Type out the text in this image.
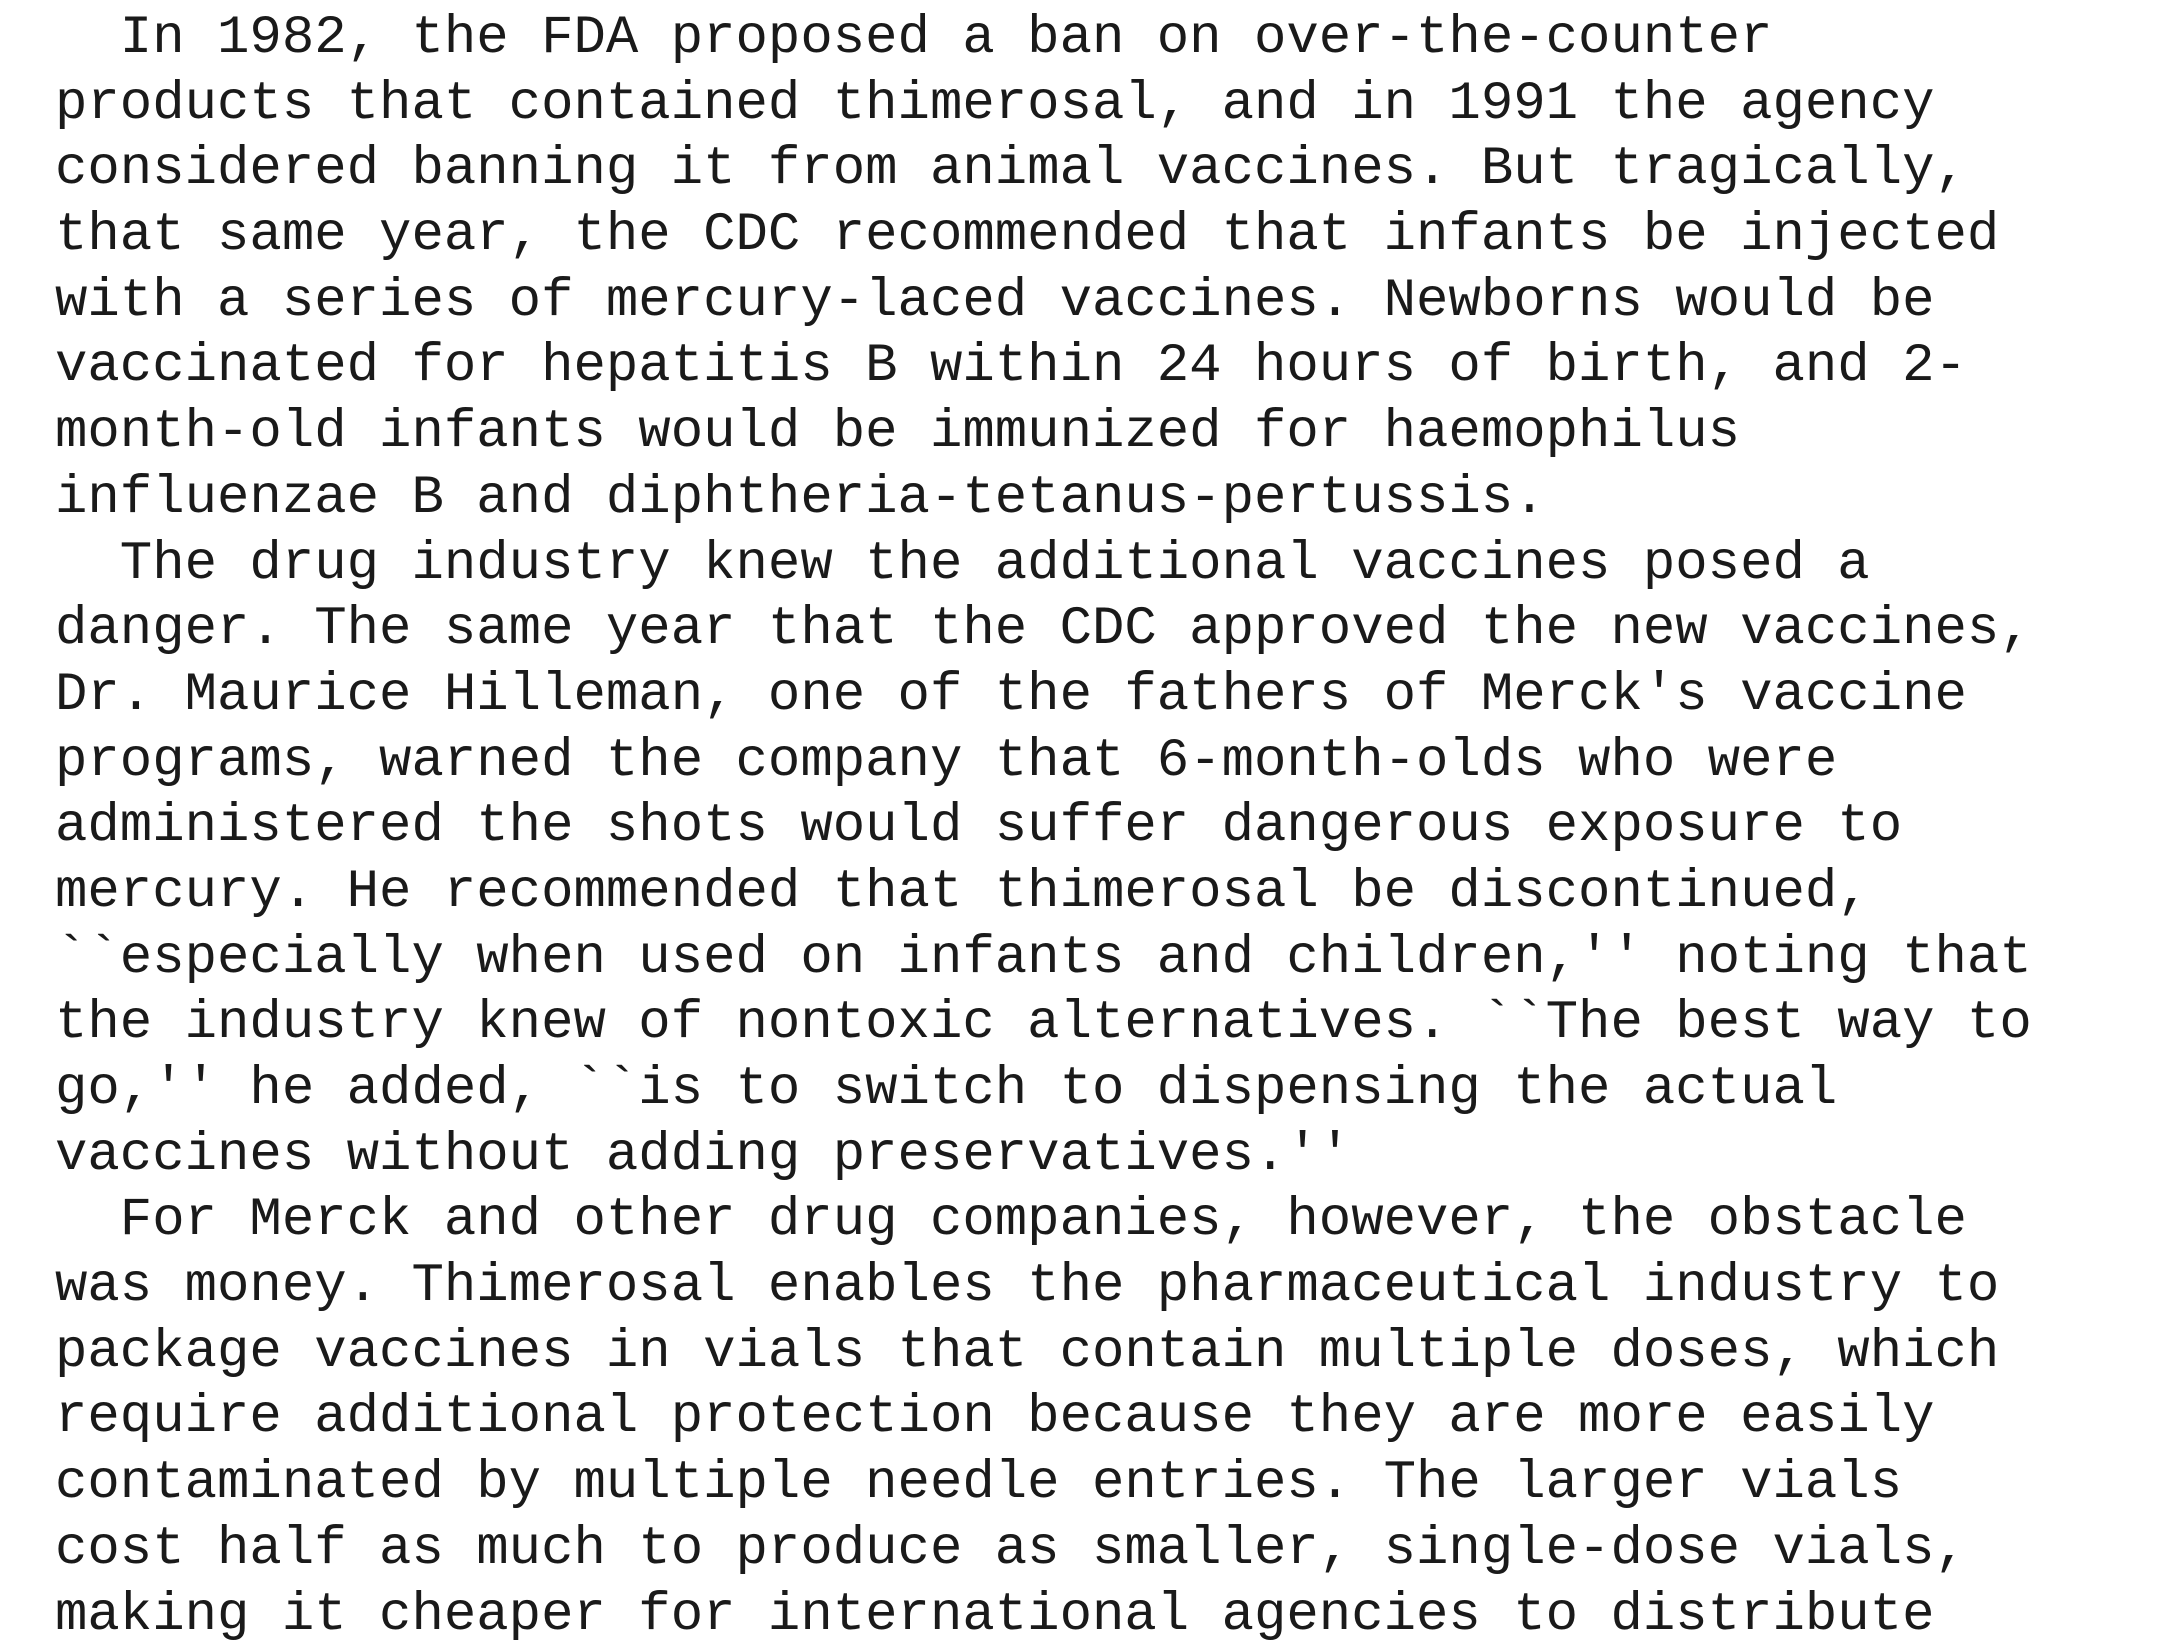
In 1982, the FDA proposed a ban on over-the-counter
products that contained thimerosal, and in 1991 the agency
considered banning it from animal vaccines. But tragically,
that same year, the CDC recommended that infants be injected
with a series of mercury-laced vaccines. Newborns would be
vaccinated for hepatitis B within 24 hours of birth, and 2-
month-old infants would be immunized for haemophilus
influenzae B and diphtheria-tetanus-pertussis.
The drug industry knew the additional vaccines posed a
danger. The same year that the CDC approved the new vaccines,
Dr. Maurice Hilleman, one of the fathers of Merck's vaccine
programs, warned the company that 6-month-olds who were
administered the shots would suffer dangerous exposure to
mercury. He recommended that thimerosal be discontinued,
``especially when used on infants and children,'' noting that
the industry knew of nontoxic alternatives. ``The best way to
go,'' he added, ``is to switch to dispensing the actual
vaccines without adding preservatives.''
For Merck and other drug companies, however, the obstacle
was money. Thimerosal enables the pharmaceutical industry to
package vaccines in vials that contain multiple doses, which
require additional protection because they are more easily
contaminated by multiple needle entries. The larger vials
cost half as much to produce as smaller, single-dose vials,
making it cheaper for international agencies to distribute
